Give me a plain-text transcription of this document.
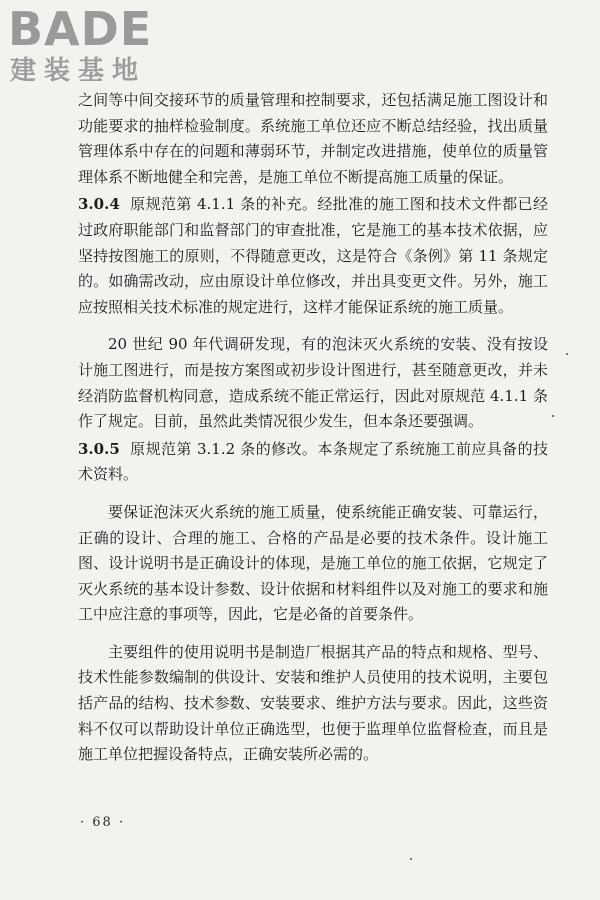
BADE
建装基地

之间等中间交接环节的质量管理和控制要求，还包括满足施工图设计和功能要求的抽样检验制度。系统施工单位还应不断总结经验，找出质量管理体系中存在的问题和薄弱环节，并制定改进措施，使单位的质量管理体系不断地健全和完善，是施工单位不断提高施工质量的保证。

3.0.4 原规范第 4.1.1 条的补充。经批准的施工图和技术文件都已经过政府职能部门和监督部门的审查批准，它是施工的基本技术依据，应坚持按图施工的原则，不得随意更改，这是符合《条例》第 11 条规定的。如确需改动，应由原设计单位修改，并出具变更文件。另外，施工应按照相关技术标准的规定进行，这样才能保证系统的施工质量。

20 世纪 90 年代调研发现，有的泡沫灭火系统的安装、没有按设计施工图进行，而是按方案图或初步设计图进行，甚至随意更改，并未经消防监督机构同意，造成系统不能正常运行，因此对原规范 4.1.1 条作了规定。目前，虽然此类情况很少发生，但本条还要强调。

3.0.5 原规范第 3.1.2 条的修改。本条规定了系统施工前应具备的技术资料。

要保证泡沫灭火系统的施工质量，使系统能正确安装、可靠运行，正确的设计、合理的施工、合格的产品是必要的技术条件。设计施工图、设计说明书是正确设计的体现，是施工单位的施工依据，它规定了灭火系统的基本设计参数、设计依据和材料组件以及对施工的要求和施工中应注意的事项等，因此，它是必备的首要条件。

主要组件的使用说明书是制造厂根据其产品的特点和规格、型号、技术性能参数编制的供设计、安装和维护人员使用的技术说明，主要包括产品的结构、技术参数、安装要求、维护方法与要求。因此，这些资料不仅可以帮助设计单位正确选型，也便于监理单位监督检查，而且是施工单位把握设备特点，正确安装所必需的。

· 68 ·
